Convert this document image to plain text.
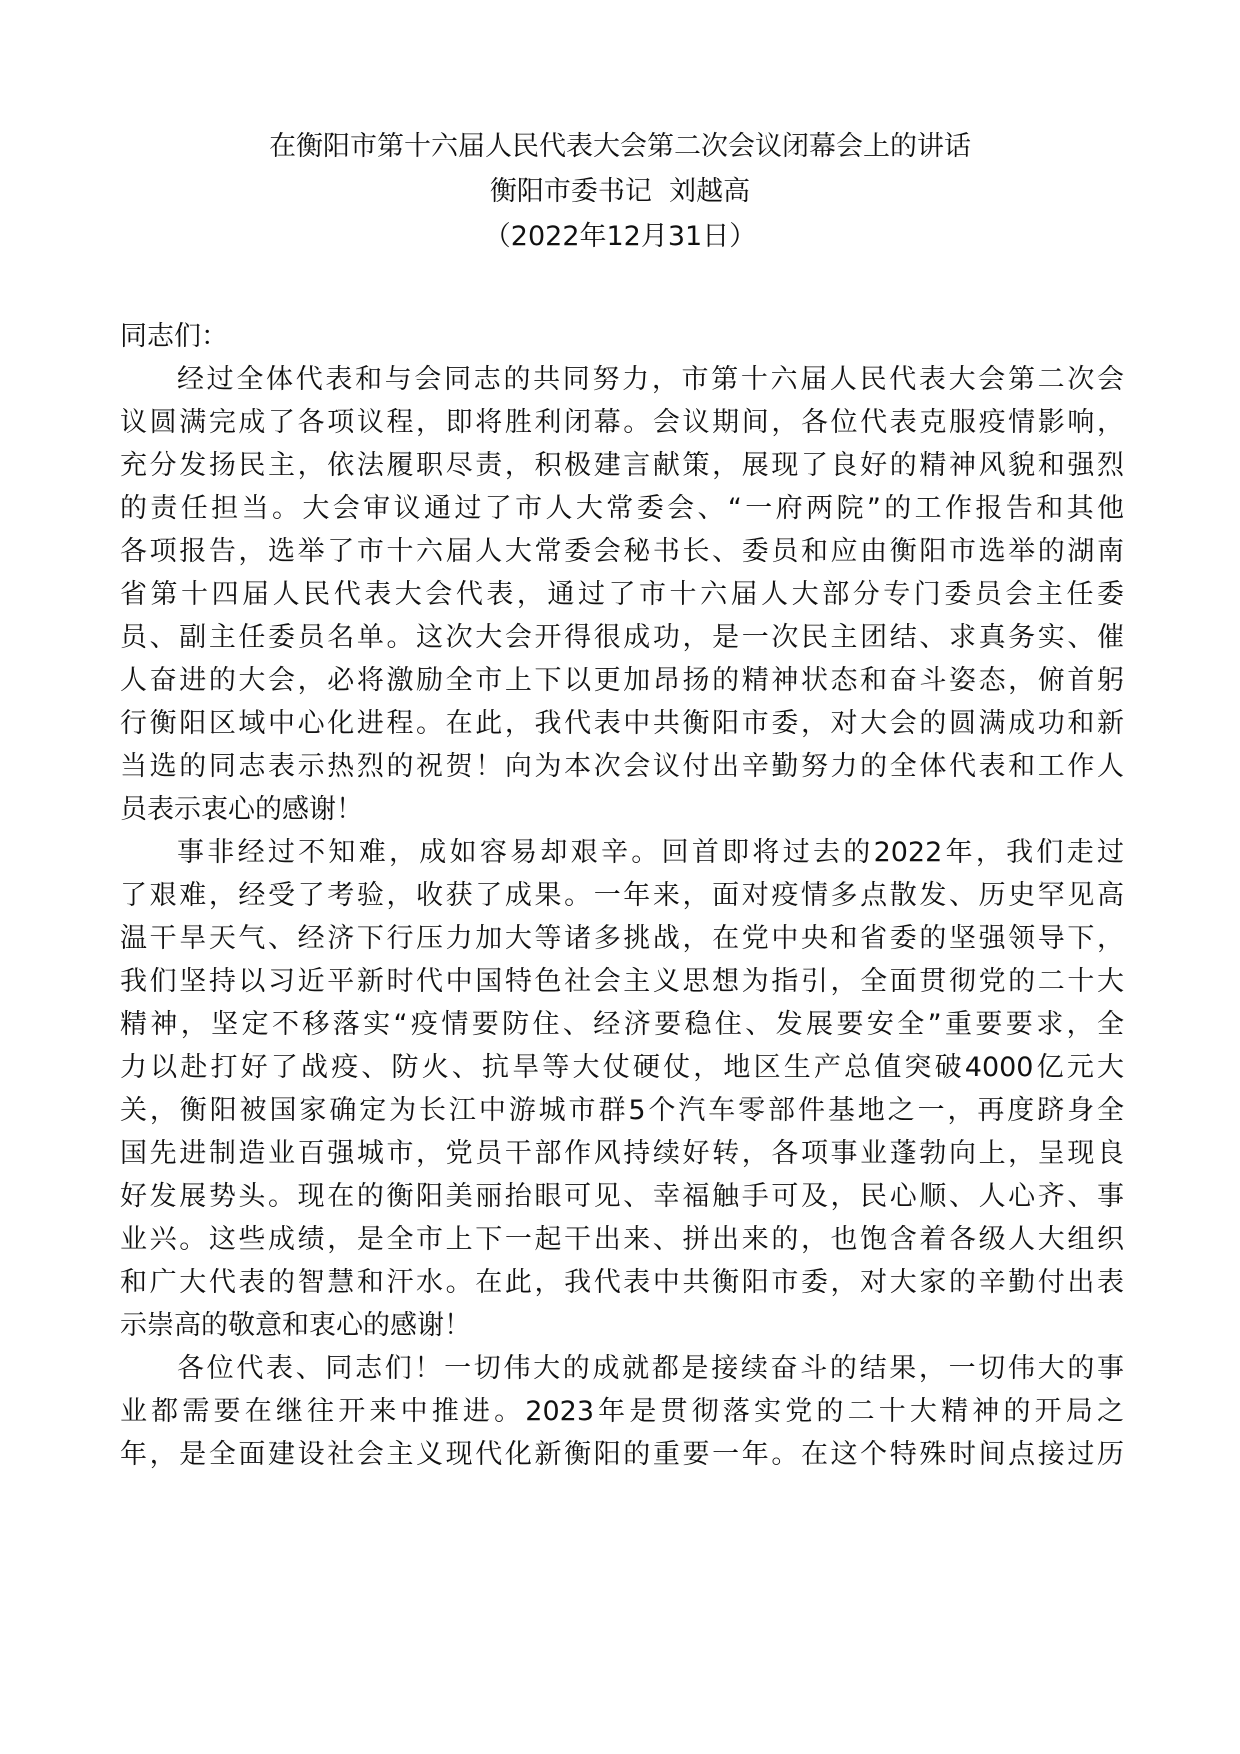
在衡阳市第十六届人民代表大会第二次会议闭幕会上的讲话
衡阳市委书记  刘越高
（2022年12月31日）
同志们：
经过全体代表和与会同志的共同努力，市第十六届人民代表大会第二次会
议圆满完成了各项议程，即将胜利闭幕。会议期间，各位代表克服疫情影响，
充分发扬民主，依法履职尽责，积极建言献策，展现了良好的精神风貌和强烈
的责任担当。大会审议通过了市人大常委会、“一府两院”的工作报告和其他
各项报告，选举了市十六届人大常委会秘书长、委员和应由衡阳市选举的湖南
省第十四届人民代表大会代表，通过了市十六届人大部分专门委员会主任委
员、副主任委员名单。这次大会开得很成功，是一次民主团结、求真务实、催
人奋进的大会，必将激励全市上下以更加昂扬的精神状态和奋斗姿态，俯首躬
行衡阳区域中心化进程。在此，我代表中共衡阳市委，对大会的圆满成功和新
当选的同志表示热烈的祝贺！向为本次会议付出辛勤努力的全体代表和工作人
员表示衷心的感谢！
事非经过不知难，成如容易却艰辛。回首即将过去的2022年，我们走过
了艰难，经受了考验，收获了成果。一年来，面对疫情多点散发、历史罕见高
温干旱天气、经济下行压力加大等诸多挑战，在党中央和省委的坚强领导下，
我们坚持以习近平新时代中国特色社会主义思想为指引，全面贯彻党的二十大
精神，坚定不移落实“疫情要防住、经济要稳住、发展要安全”重要要求，全
力以赴打好了战疫、防火、抗旱等大仗硬仗，地区生产总值突破4000亿元大
关，衡阳被国家确定为长江中游城市群5个汽车零部件基地之一，再度跻身全
国先进制造业百强城市，党员干部作风持续好转，各项事业蓬勃向上，呈现良
好发展势头。现在的衡阳美丽抬眼可见、幸福触手可及，民心顺、人心齐、事
业兴。这些成绩，是全市上下一起干出来、拼出来的，也饱含着各级人大组织
和广大代表的智慧和汗水。在此，我代表中共衡阳市委，对大家的辛勤付出表
示崇高的敬意和衷心的感谢！
各位代表、同志们！一切伟大的成就都是接续奋斗的结果，一切伟大的事
业都需要在继往开来中推进。2023年是贯彻落实党的二十大精神的开局之
年，是全面建设社会主义现代化新衡阳的重要一年。在这个特殊时间点接过历
